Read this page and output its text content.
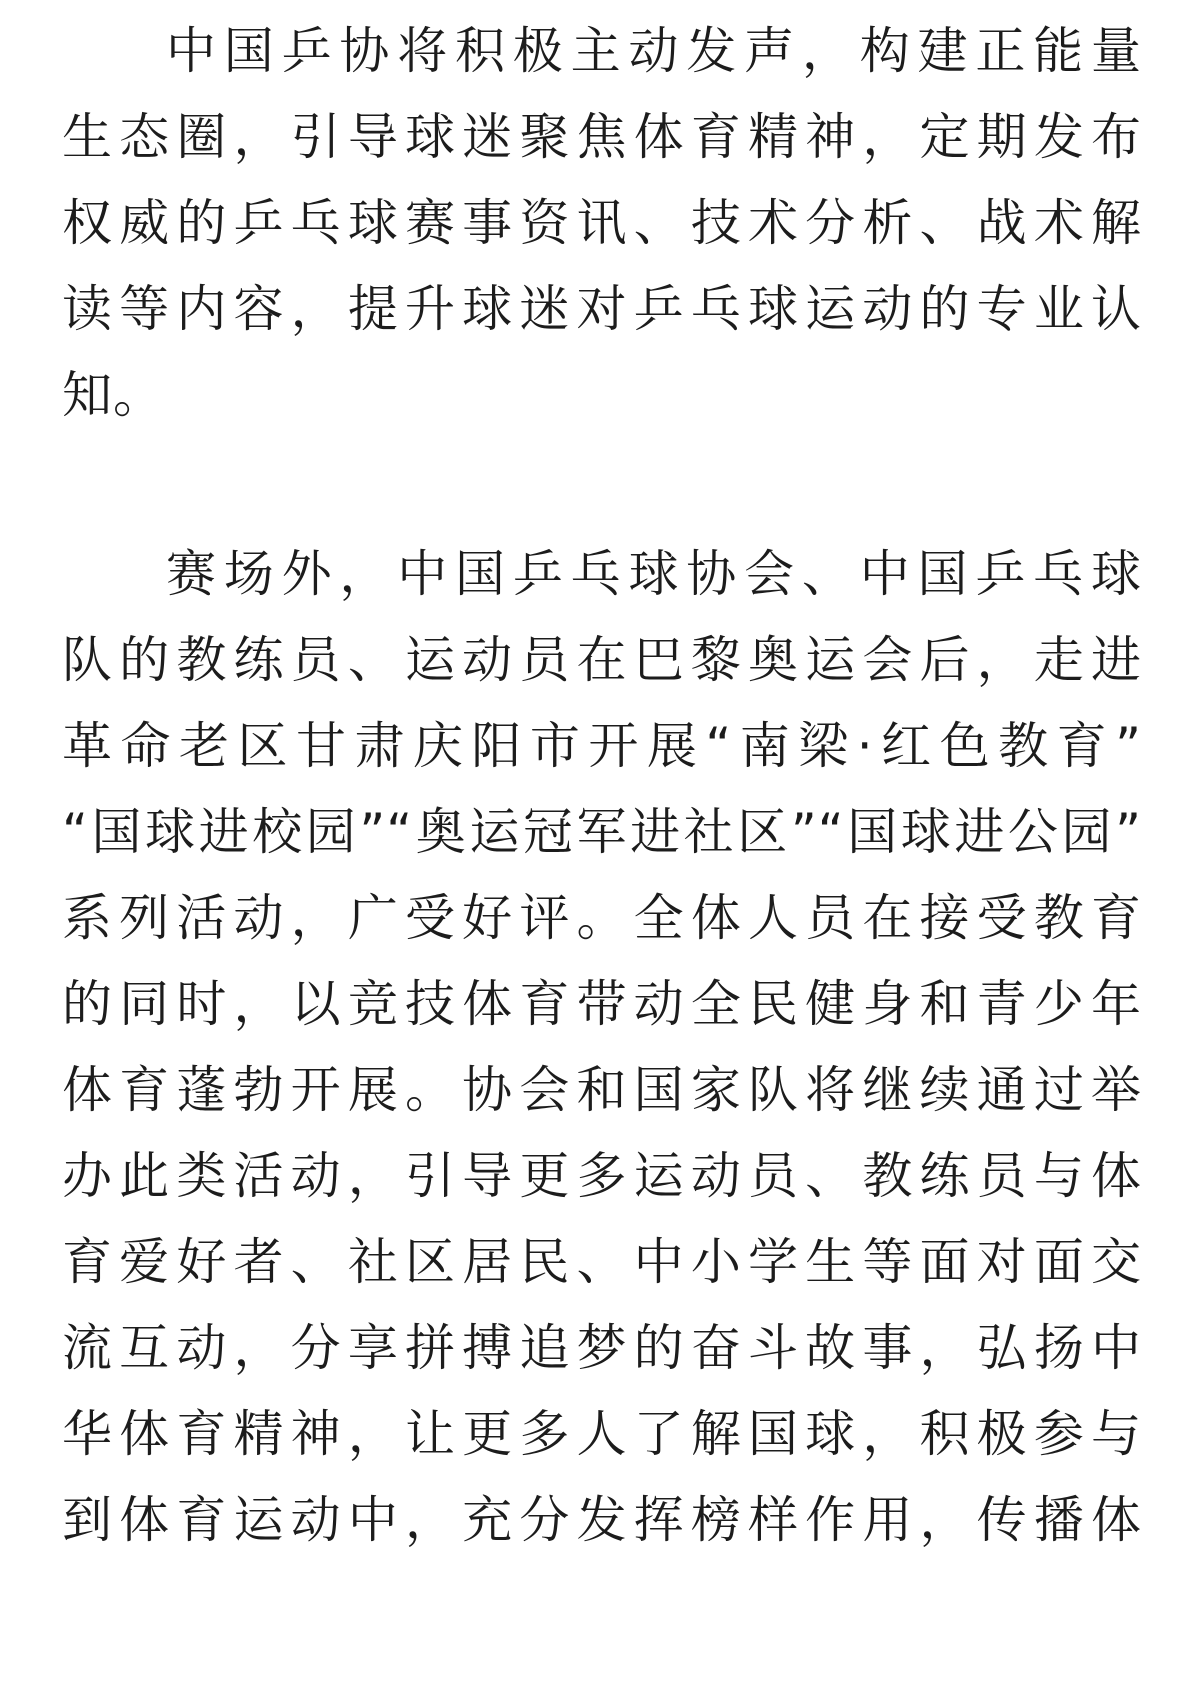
中国乒协将积极主动发声，构建正能量
生态圈，引导球迷聚焦体育精神，定期发布
权威的乒乓球赛事资讯、技术分析、战术解
读等内容，提升球迷对乒乓球运动的专业认
知。
赛场外，中国乒乓球协会、中国乒乓球
队的教练员、运动员在巴黎奥运会后，走进
革命老区甘肃庆阳市开展“南梁·红色教育”
“国球进校园”“奥运冠军进社区”“国球进公园”
系列活动，广受好评。全体人员在接受教育
的同时，以竞技体育带动全民健身和青少年
体育蓬勃开展。协会和国家队将继续通过举
办此类活动，引导更多运动员、教练员与体
育爱好者、社区居民、中小学生等面对面交
流互动，分享拼搏追梦的奋斗故事，弘扬中
华体育精神，让更多人了解国球，积极参与
到体育运动中，充分发挥榜样作用，传播体
